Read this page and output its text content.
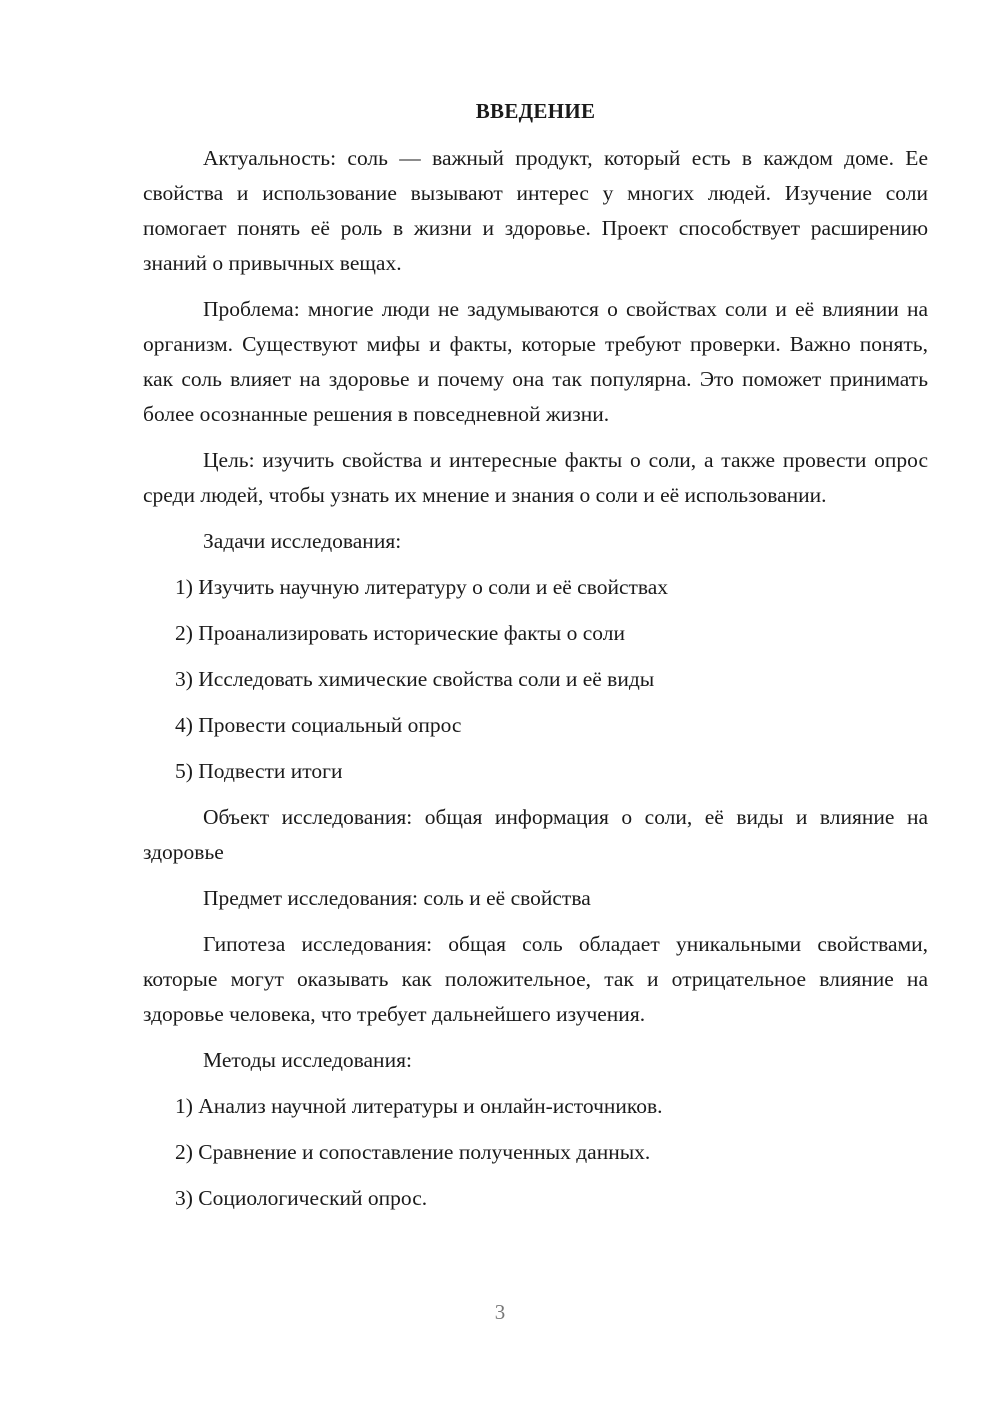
ВВЕДЕНИЕ

Актуальность: соль — важный продукт, который есть в каждом доме. Ее свойства и использование вызывают интерес у многих людей. Изучение соли помогает понять её роль в жизни и здоровье. Проект способствует расширению знаний о привычных вещах.

Проблема: многие люди не задумываются о свойствах соли и её влиянии на организм. Существуют мифы и факты, которые требуют проверки. Важно понять, как соль влияет на здоровье и почему она так популярна. Это поможет принимать более осознанные решения в повседневной жизни.

Цель: изучить свойства и интересные факты о соли, а также провести опрос среди людей, чтобы узнать их мнение и знания о соли и её использовании.

Задачи исследования:
1) Изучить научную литературу о соли и её свойствах
2) Проанализировать исторические факты о соли
3) Исследовать химические свойства соли и её виды
4) Провести социальный опрос
5) Подвести итоги

Объект исследования: общая информация о соли, её виды и влияние на здоровье

Предмет исследования: соль и её свойства

Гипотеза исследования: общая соль обладает уникальными свойствами, которые могут оказывать как положительное, так и отрицательное влияние на здоровье человека, что требует дальнейшего изучения.

Методы исследования:
1) Анализ научной литературы и онлайн-источников.
2) Сравнение и сопоставление полученных данных.
3) Социологический опрос.
3
